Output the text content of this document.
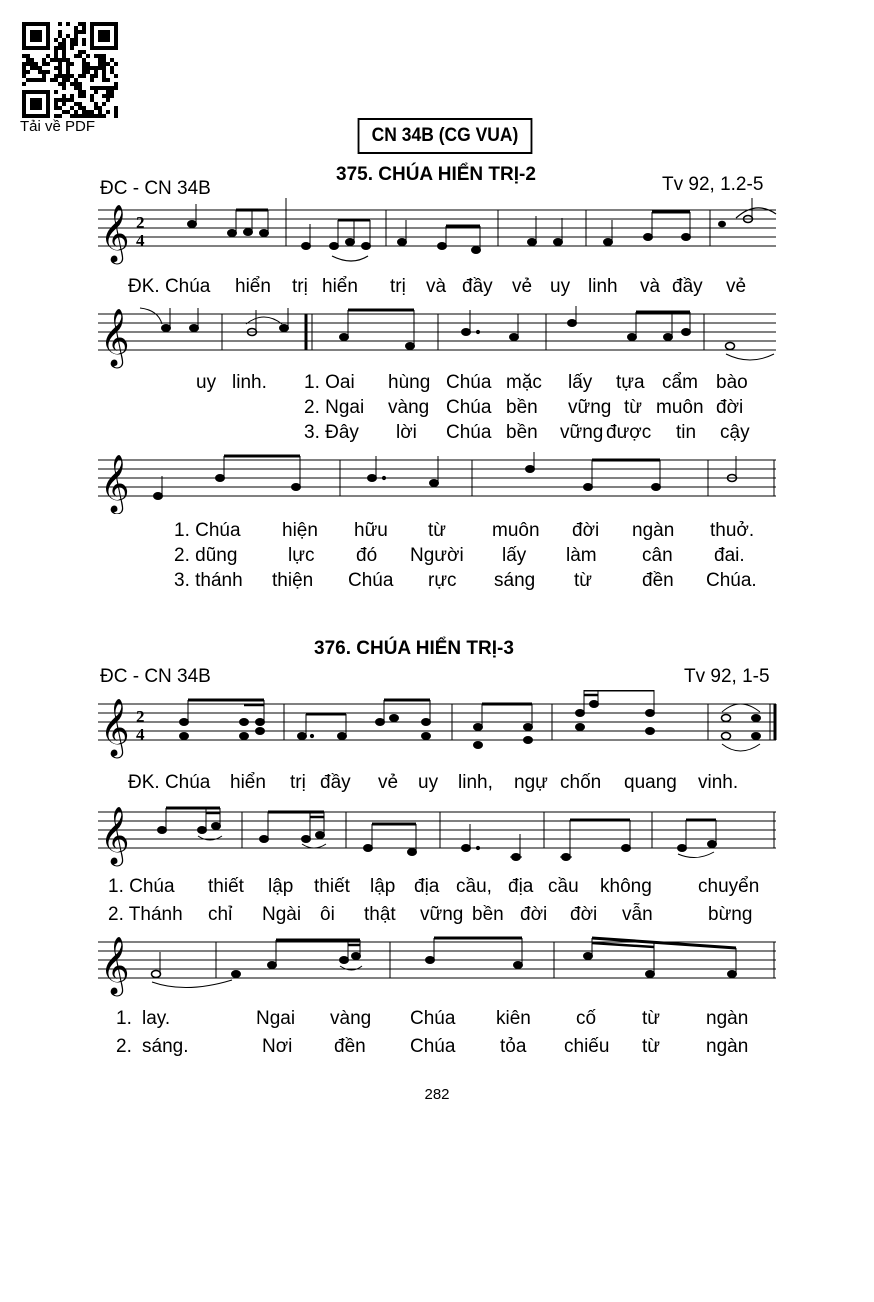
Tải về PDF	CN 34B (CG VUA)
375. CHÚA HIỂN TRỊ-2
ĐC - CN 34B	Tv 92, 1.2-5
𝄞 2
4
ĐK. Chúa hiển trị hiển trị và đầy vẻ uy linh và đầy vẻ
𝄞
uy linh. 1. Oai hùng Chúa mặc lấy tựa cẩm bào
2. Ngai vàng Chúa bền vững từ muôn đời
3. Đây lời Chúa bền vững được tin cậy
𝄞
1. Chúa hiện hữu từ muôn đời ngàn thuở.
2. dũng	lực đó Người lấy làm cân đai.
3. thánh thiện Chúa rực sáng từ	đền Chúa.
376. CHÚA HIỂN TRỊ-3
ĐC - CN 34B	Tv 92, 1-5
𝄞 2
4
ĐK. Chúa hiển trị đầy vẻ uy linh, ngự chốn quang vinh.
𝄞
1. Chúa thiết lập thiết lập địa cầu, địa cầu không chuyển
2. Thánh chỉ Ngài ôi thật vững bền đời đời vẫn	bừng
𝄞
1. lay.	Ngai vàng Chúa kiên cố từ ngàn
2. sáng.	Nơi đền Chúa tỏa chiếu từ ngàn
282
